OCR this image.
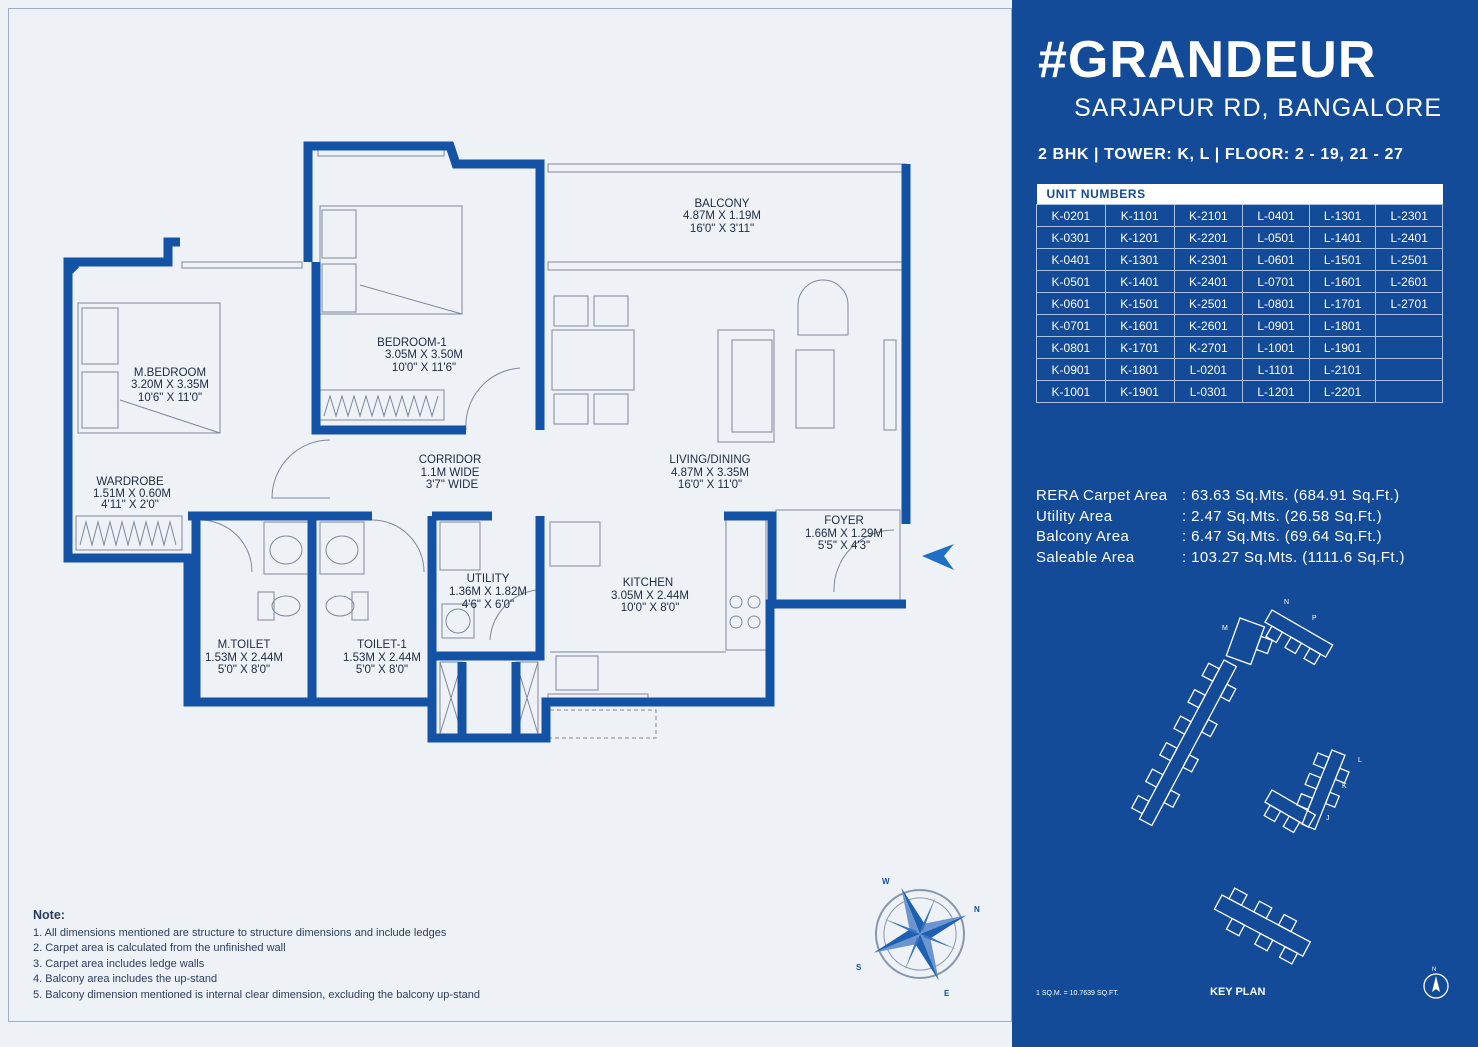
BALCONY
4.87M X 1.19M
16'0" X 3'11"
BEDROOM-1
3.05M X 3.50M
10'0" X 11'6"
M.BEDROOM
3.20M X 3.35M
10'6" X 11'0"
CORRIDOR
1.1M WIDE
3'7" WIDE
LIVING/DINING
4.87M X 3.35M
16'0" X 11'0"
WARDROBE
1.51M X 0.60M
4'11" X 2'0"
FOYER
1.66M X 1.29M
5'5" X 4'3"
UTILITY
1.36M X 1.82M
4'6" X 6'0"
KITCHEN
3.05M X 2.44M
10'0" X 8'0"
M.TOILET
1.53M X 2.44M
5'0" X 8'0"
TOILET-1
1.53M X 2.44M
5'0" X 8'0"
N
S
E
W
Note:
1. All dimensions mentioned are structure to structure dimensions and include ledges
2. Carpet area is calculated from the unfinished wall
3. Carpet area includes ledge walls
4. Balcony area includes the up-stand
5. Balcony dimension mentioned is internal clear dimension, excluding the balcony up-stand
#GRANDEUR
SARJAPUR RD, BANGALORE
2 BHK | TOWER: K, L | FLOOR: 2 - 19, 21 - 27
UNIT NUMBERS					
K-0201	K-1101	K-2101	L-0401	L-1301	L-2301
K-0301	K-1201	K-2201	L-0501	L-1401	L-2401
K-0401	K-1301	K-2301	L-0601	L-1501	L-2501
K-0501	K-1401	K-2401	L-0701	L-1601	L-2601
K-0601	K-1501	K-2501	L-0801	L-1701	L-2701
K-0701	K-1601	K-2601	L-0901	L-1801	
K-0801	K-1701	K-2701	L-1001	L-1901	
K-0901	K-1801	L-0201	L-1101	L-2101	
K-1001	K-1901	L-0301	L-1201	L-2201	
RERA Carpet Area : 63.63 Sq.Mts. (684.91 Sq.Ft.)
Utility Area	: 2.47 Sq.Mts. (26.58 Sq.Ft.)
Balcony Area	: 6.47 Sq.Mts. (69.64 Sq.Ft.)
Saleable Area	: 103.27 Sq.Mts. (1111.6 Sq.Ft.)
N
P
M
L
K
J
1 SQ.M. = 10.7639 SQ.FT.	KEY PLAN
N
